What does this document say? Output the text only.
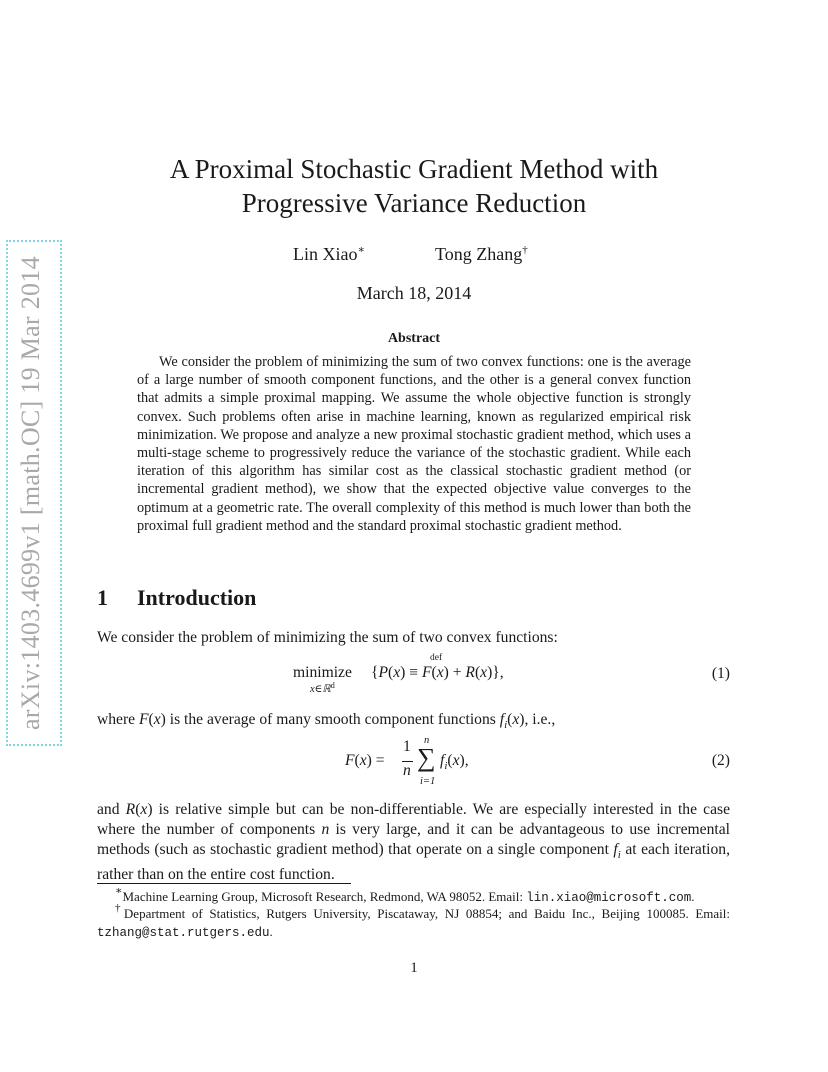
arXiv:1403.4699v1 [math.OC] 19 Mar 2014
A Proximal Stochastic Gradient Method with
Progressive Variance Reduction
Lin Xiao∗	Tong Zhang†
March 18, 2014
Abstract
We consider the problem of minimizing the sum of two convex functions: one is the average of a large number of smooth component functions, and the other is a general convex function that admits a simple proximal mapping. We assume the whole objective function is strongly convex. Such problems often arise in machine learning, known as regularized empirical risk minimization. We propose and analyze a new proximal stochastic gradient method, which uses a multi-stage scheme to progressively reduce the variance of the stochastic gradient. While each iteration of this algorithm has similar cost as the classical stochastic gradient method (or incremental gradient method), we show that the expected objective value converges to the optimum at a geometric rate. The overall complexity of this method is much lower than both the proximal full gradient method and the standard proximal stochastic gradient method.
1 Introduction
We consider the problem of minimizing the sum of two convex functions:
minimize
x∈ℝ$^d$
def
{P(x) ≡ F(x) + R(x)},	(1)
where F(x) is the average of many smooth component functions $f_i(x)$, i.e.,
F(x) =
1
n ∑
n
i=1
$f_i(x)$,	(2)
and R(x) is relative simple but can be non-differentiable. We are especially interested in the case where the number of components n is very large, and it can be advantageous to use incremental methods (such as stochastic gradient method) that operate on a single component $f_i$ at each iteration, rather than on the entire cost function.
∗Machine Learning Group, Microsoft Research, Redmond, WA 98052. Email: lin.xiao@microsoft.com.
†Department of Statistics, Rutgers University, Piscataway, NJ 08854; and Baidu Inc., Beijing 100085. Email: tzhang@stat.rutgers.edu.
1
